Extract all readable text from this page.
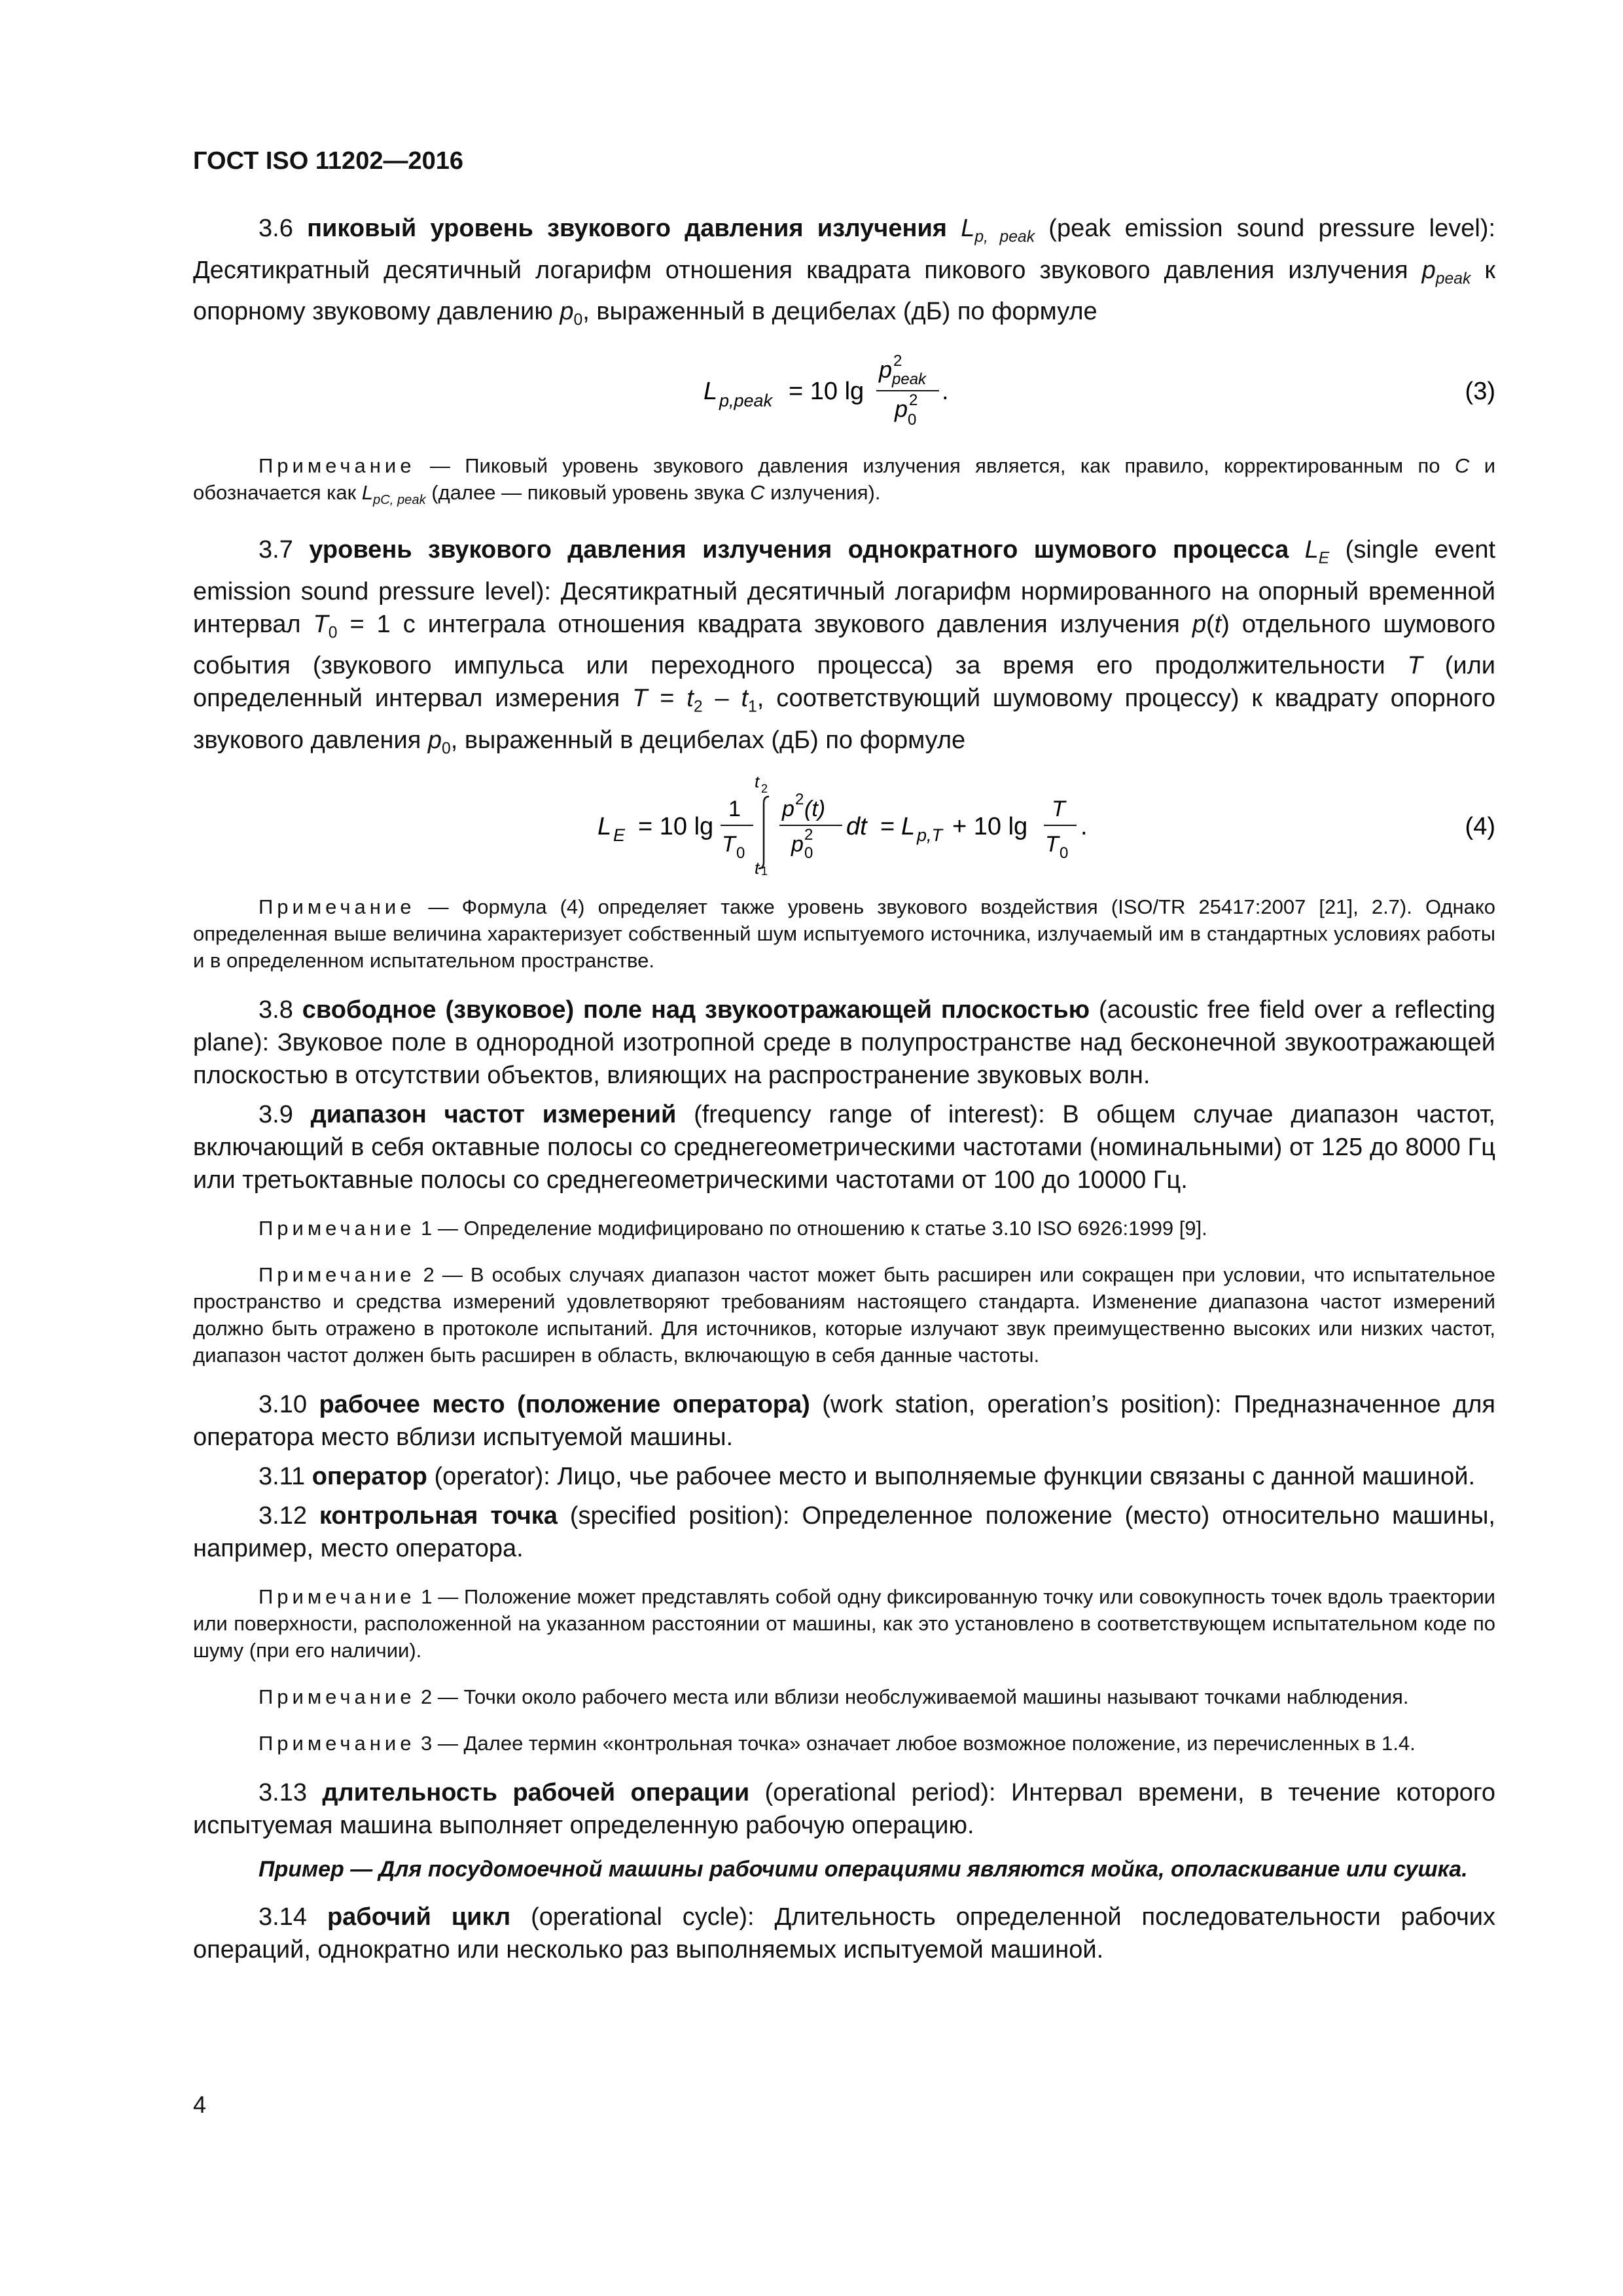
ГОСТ ISO 11202—2016

3.6 пиковый уровень звукового давления излучения $L_{p, peak}$ (peak emission sound pressure level): Десятикратный десятичный логарифм отношения квадрата пикового звукового давления излучения $p_{peak}$ к опорному звуковому давлению $p_0$, выраженный в децибелах (дБ) по формуле

L p,peak = 10 lg
p 2
peak
p 2
0
.	(3)

Примечание — Пиковый уровень звукового давления излучения является, как правило, корректированным по С и обозначается как $L_{pC, peak}$ (далее — пиковый уровень звука С излучения).

3.7 уровень звукового давления излучения однократного шумового процесса $L_E$ (single event emission sound pressure level): Десятикратный десятичный логарифм нормированного на опорный временной интервал $T_0 = 1$ с интеграла отношения квадрата звукового давления излучения p(t) отдельного шумового события (звукового импульса или переходного процесса) за время его продолжительности T (или определенный интервал измерения $T = t_2 - t_1$, соответствующий шумовому процессу) к квадрату опорного звукового давления $p_0$, выраженный в децибелах (дБ) по формуле

L E = 10 lg
1
T 0
t 2
t 1
p 2 (t)
p 2
0
dt = L p,T + 10 lg
T
T 0
.	(4)

Примечание — Формула (4) определяет также уровень звукового воздействия (ISO/TR 25417:2007 [21], 2.7). Однако определенная выше величина характеризует собственный шум испытуемого источника, излучаемый им в стандартных условиях работы и в определенном испытательном пространстве.

3.8 свободное (звуковое) поле над звукоотражающей плоскостью (acoustic free field over a reflecting plane): Звуковое поле в однородной изотропной среде в полупространстве над бесконечной звукоотражающей плоскостью в отсутствии объектов, влияющих на распространение звуковых волн.

3.9 диапазон частот измерений (frequency range of interest): В общем случае диапазон частот, включающий в себя октавные полосы со среднегеометрическими частотами (номинальными) от 125 до 8000 Гц или третьоктавные полосы со среднегеометрическими частотами от 100 до 10000 Гц.

Примечание 1 — Определение модифицировано по отношению к статье 3.10 ISO 6926:1999 [9].

Примечание 2 — В особых случаях диапазон частот может быть расширен или сокращен при условии, что испытательное пространство и средства измерений удовлетворяют требованиям настоящего стандарта. Изменение диапазона частот измерений должно быть отражено в протоколе испытаний. Для источников, которые излучают звук преимущественно высоких или низких частот, диапазон частот должен быть расширен в область, включающую в себя данные частоты.

3.10 рабочее место (положение оператора) (work station, operation’s position): Предназначенное для оператора место вблизи испытуемой машины.

3.11 оператор (operator): Лицо, чье рабочее место и выполняемые функции связаны с данной машиной.

3.12 контрольная точка (specified position): Определенное положение (место) относительно машины, например, место оператора.

Примечание 1 — Положение может представлять собой одну фиксированную точку или совокупность точек вдоль траектории или поверхности, расположенной на указанном расстоянии от машины, как это установлено в соответствующем испытательном коде по шуму (при его наличии).

Примечание 2 — Точки около рабочего места или вблизи необслуживаемой машины называют точками наблюдения.

Примечание 3 — Далее термин «контрольная точка» означает любое возможное положение, из перечисленных в 1.4.

3.13 длительность рабочей операции (operational period): Интервал времени, в течение которого испытуемая машина выполняет определенную рабочую операцию.

Пример — Для посудомоечной машины рабочими операциями являются мойка, ополаскивание или сушка.

3.14 рабочий цикл (operational cycle): Длительность определенной последовательности рабочих операций, однократно или несколько раз выполняемых испытуемой машиной.

4
